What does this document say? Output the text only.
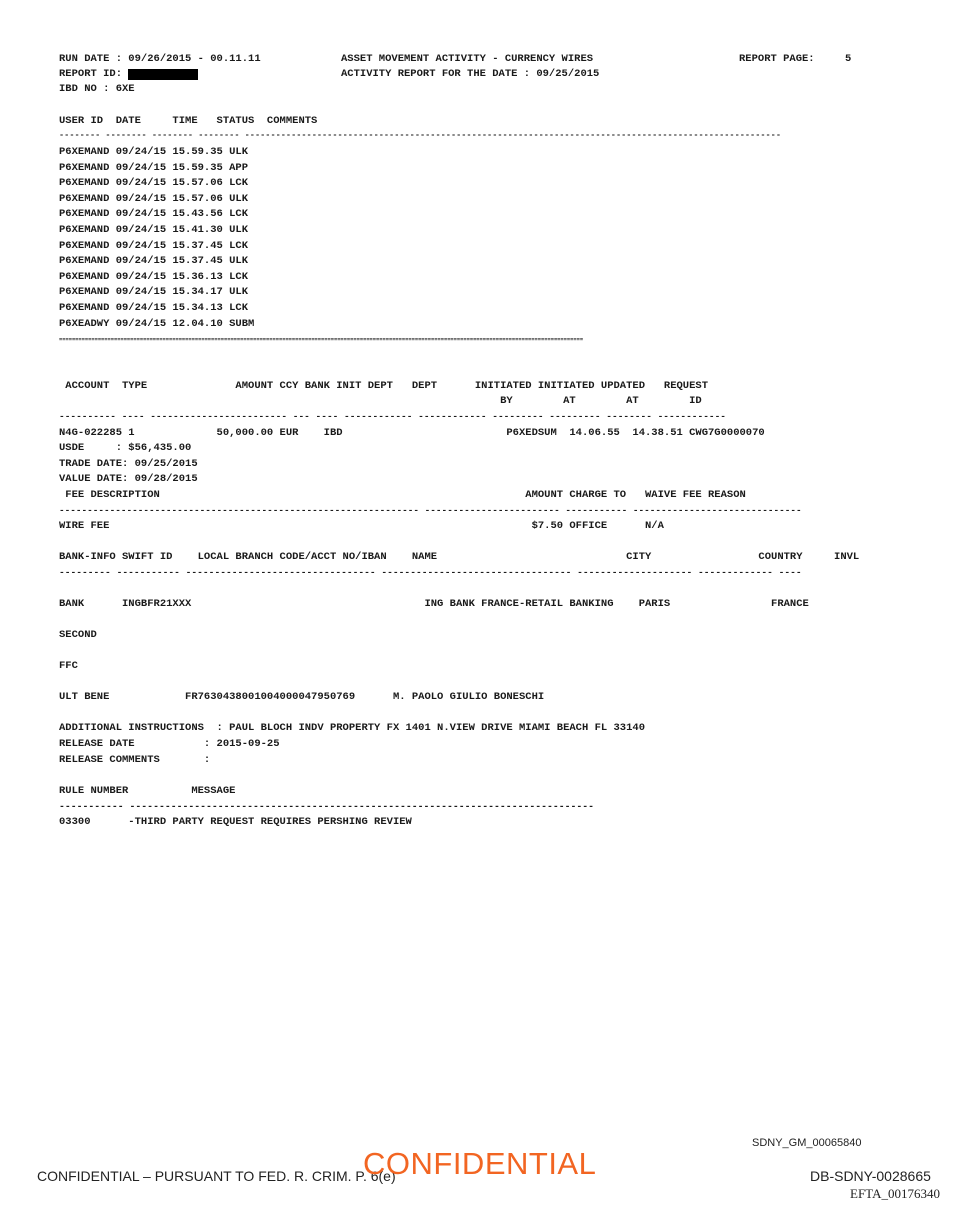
RUN DATE : 09/26/2015 - 00.11.11
REPORT ID:
IBD NO : 6XE
ASSET MOVEMENT ACTIVITY - CURRENCY WIRES
ACTIVITY REPORT FOR THE DATE : 09/25/2015
REPORT PAGE:	5
USER ID  DATE     TIME   STATUS  COMMENTS
-------- -------- -------- -------- --------------------------------------------------------------------------------------------------------
P6XEMAND 09/24/15 15.59.35 ULK
P6XEMAND 09/24/15 15.59.35 APP
P6XEMAND 09/24/15 15.57.06 LCK
P6XEMAND 09/24/15 15.57.06 ULK
P6XEMAND 09/24/15 15.43.56 LCK
P6XEMAND 09/24/15 15.41.30 ULK
P6XEMAND 09/24/15 15.37.45 LCK
P6XEMAND 09/24/15 15.37.45 ULK
P6XEMAND 09/24/15 15.36.13 LCK
P6XEMAND 09/24/15 15.34.17 ULK
P6XEMAND 09/24/15 15.34.13 LCK
P6XEADWY 09/24/15 12.04.10 SUBM
==================================================================================================================================================================
ACCOUNT  TYPE              AMOUNT CCY BANK INIT DEPT   DEPT      INITIATED INITIATED UPDATED   REQUEST
BY        AT        AT        ID
---------- ---- ------------------------ --- ---- ------------ ------------ --------- --------- -------- ------------
N4G-022285 1             50,000.00 EUR    IBD                          P6XEDSUM  14.06.55  14.38.51 CWG7G0000070
USDE     : $56,435.00
TRADE DATE: 09/25/2015
VALUE DATE: 09/28/2015
FEE DESCRIPTION                                                          AMOUNT CHARGE TO   WAIVE FEE REASON
---------------------------------------------------------------- ------------------------ ----------- ------------------------------
WIRE FEE                                                                   $7.50 OFFICE      N/A
BANK-INFO SWIFT ID    LOCAL BRANCH CODE/ACCT NO/IBAN    NAME                              CITY                 COUNTRY     INVL
--------- ----------- --------------------------------- --------------------------------- -------------------- ------------- ----
BANK      INGBFR21XXX                                     ING BANK FRANCE-RETAIL BANKING    PARIS                FRANCE
SECOND
FFC
ULT BENE            FR7630438001004000047950769      M. PAOLO GIULIO BONESCHI
ADDITIONAL INSTRUCTIONS  : PAUL BLOCH INDV PROPERTY FX 1401 N.VIEW DRIVE MIAMI BEACH FL 33140
RELEASE DATE           : 2015-09-25
RELEASE COMMENTS       :
RULE NUMBER          MESSAGE
----------- -------------------------------------------------------------------------------
03300      -THIRD PARTY REQUEST REQUIRES PERSHING REVIEW
SDNY_GM_00065840
CONFIDENTIAL – PURSUANT TO FED. R. CRIM. P. 6(e)
CONFIDENTIAL	DB-SDNY-0028665
EFTA_00176340
